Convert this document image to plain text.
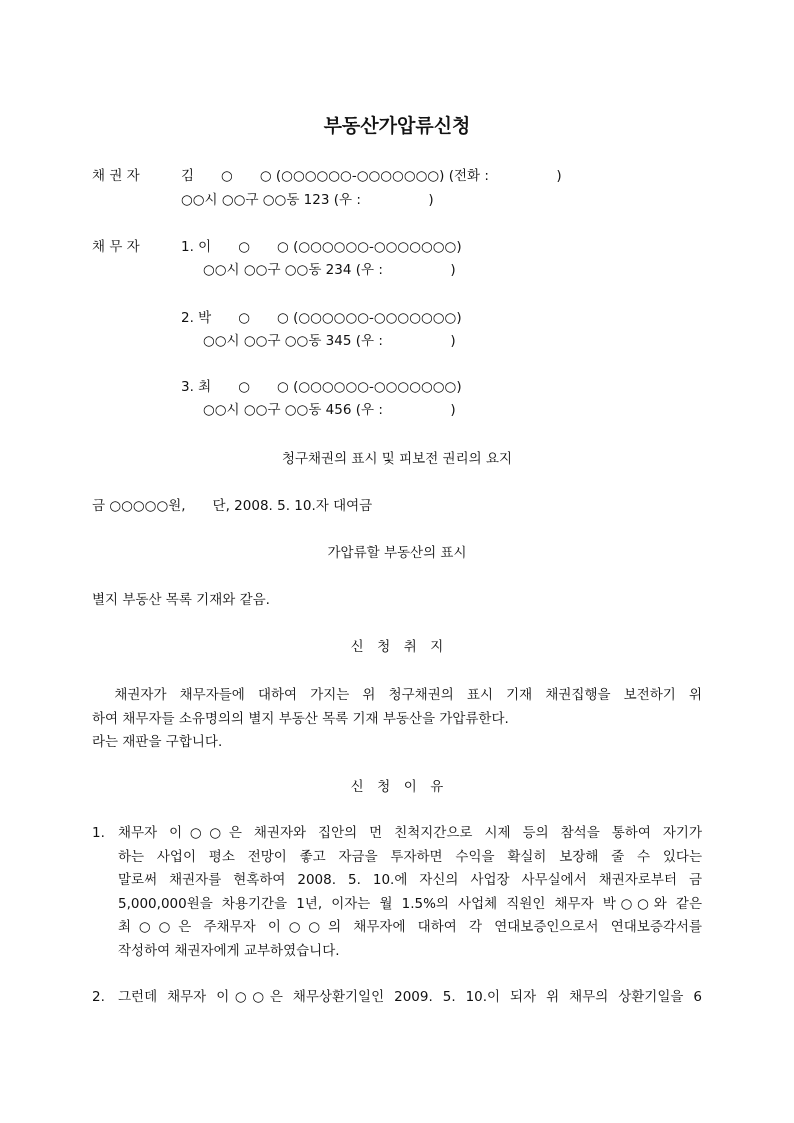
부동산가압류신청
채 권 자	김　　○　　○ (○○○○○○-○○○○○○○) (전화 :　　　　　)
○○시 ○○구 ○○동 123 (우 :　　　　　)
채 무 자	1. 이　　○　　○ (○○○○○○-○○○○○○○)
○○시 ○○구 ○○동 234 (우 :　　　　　)
2. 박　　○　　○ (○○○○○○-○○○○○○○)
○○시 ○○구 ○○동 345 (우 :　　　　　)
3. 최　　○　　○ (○○○○○○-○○○○○○○)
○○시 ○○구 ○○동 456 (우 :　　　　　)
청구채권의 표시 및 피보전 권리의 요지
금 ○○○○○원,　　단, 2008. 5. 10.자 대여금
가압류할 부동산의 표시
별지 부동산 목록 기재와 같음.
신　청　취　지

　채권자가 채무자들에 대하여 가지는 위 청구채권의 표시 기재 채권집행을 보전하기 위

하여 채무자들 소유명의의 별지 부동산 목록 기재 부동산을 가압류한다.

라는 재판을 구합니다.

신　청　이　유
1. 채무자 이○○은 채권자와 집안의 먼 친척지간으로 시제 등의 참석을 통하여 자기가
하는 사업이 평소 전망이 좋고 자금을 투자하면 수익을 확실히 보장해 줄 수 있다는
말로써 채권자를 현혹하여 2008. 5. 10.에 자신의 사업장 사무실에서 채권자로부터 금
5,000,000원을 차용기간을 1년, 이자는 월 1.5%의 사업체 직원인 채무자 박○○와 같은
최○○은 주채무자 이○○의 채무자에 대하여 각 연대보증인으로서 연대보증각서를
작성하여 채권자에게 교부하였습니다.
2. 그런데 채무자 이○○은 채무상환기일인 2009. 5. 10.이 되자 위 채무의 상환기일을 6
